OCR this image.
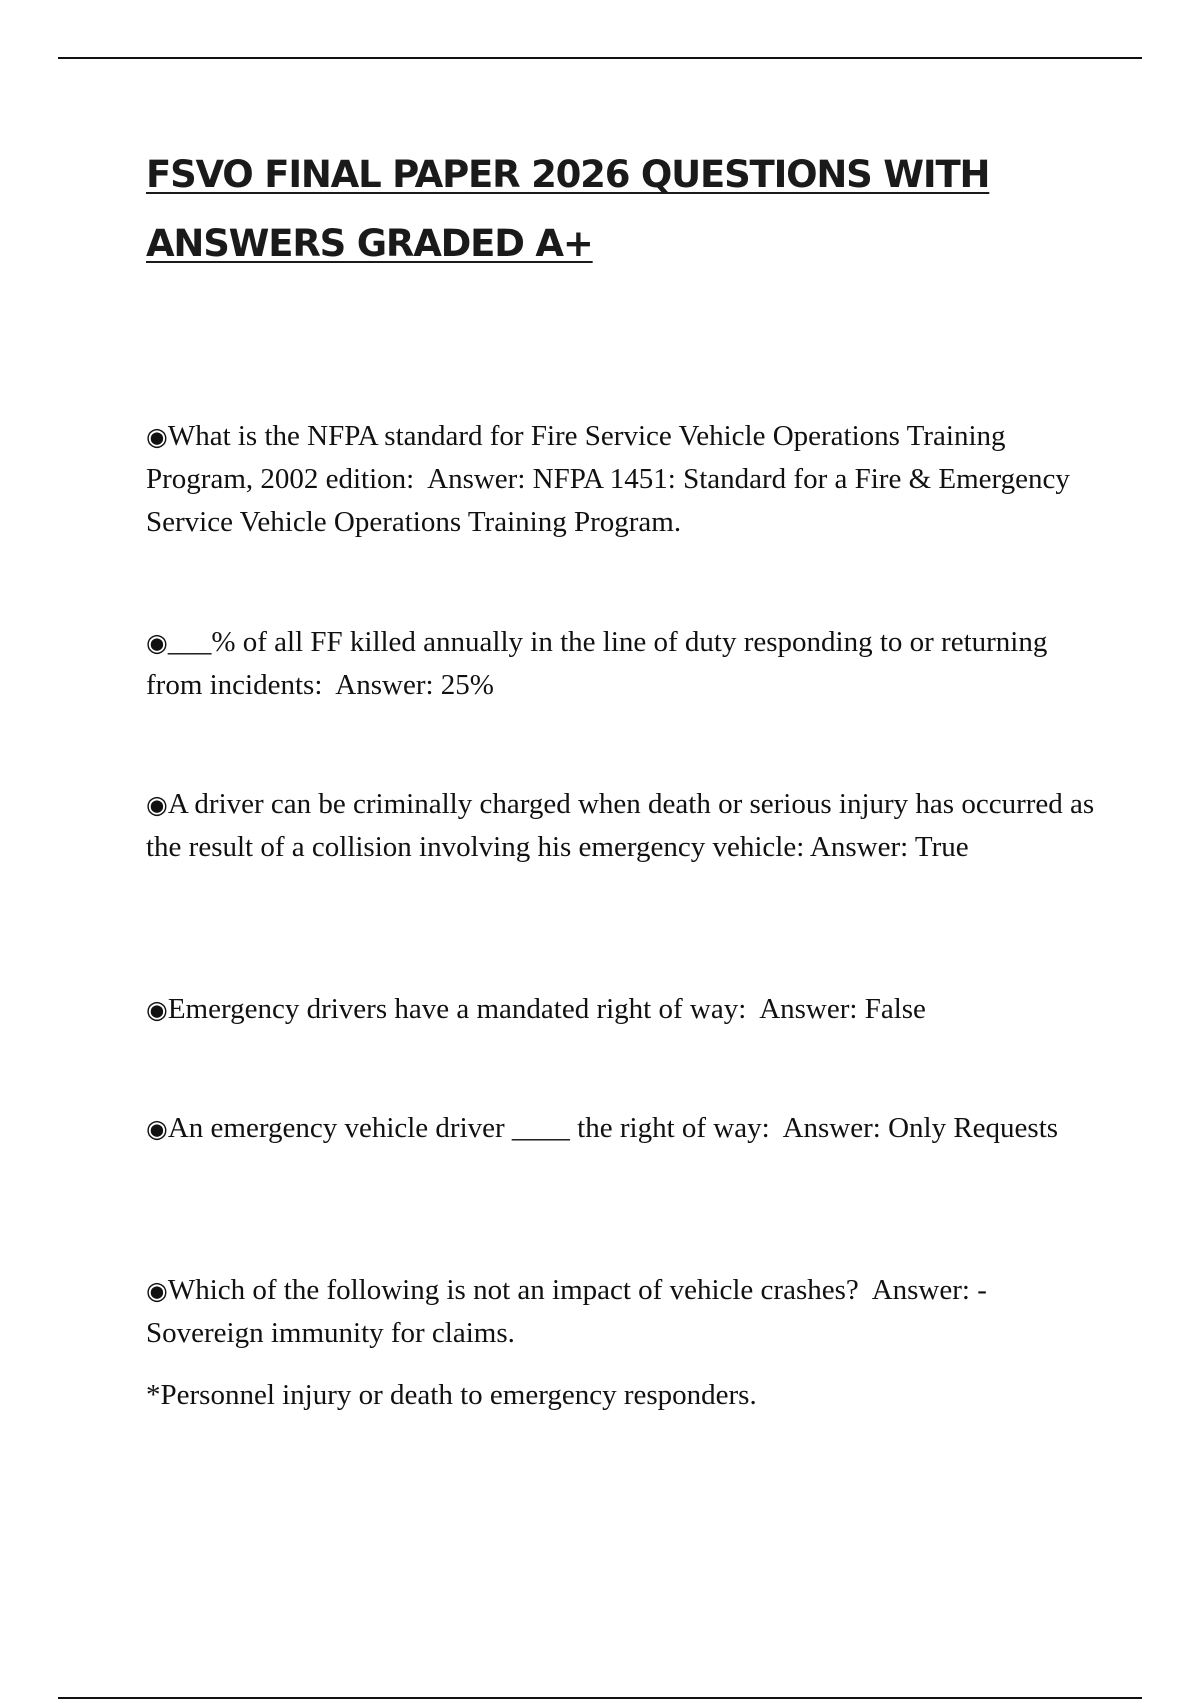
FSVO FINAL PAPER 2026 QUESTIONS WITH
ANSWERS GRADED A+

◉What is the NFPA standard for Fire Service Vehicle Operations Training Program, 2002 edition: Answer: NFPA 1451: Standard for a Fire & Emergency Service Vehicle Operations Training Program.

◉___% of all FF killed annually in the line of duty responding to or returning from incidents: Answer: 25%

◉A driver can be criminally charged when death or serious injury has occurred as the result of a collision involving his emergency vehicle: Answer: True

◉Emergency drivers have a mandated right of way: Answer: False

◉An emergency vehicle driver ____ the right of way: Answer: Only Requests

◉Which of the following is not an impact of vehicle crashes? Answer: - Sovereign immunity for claims.

*Personnel injury or death to emergency responders.
